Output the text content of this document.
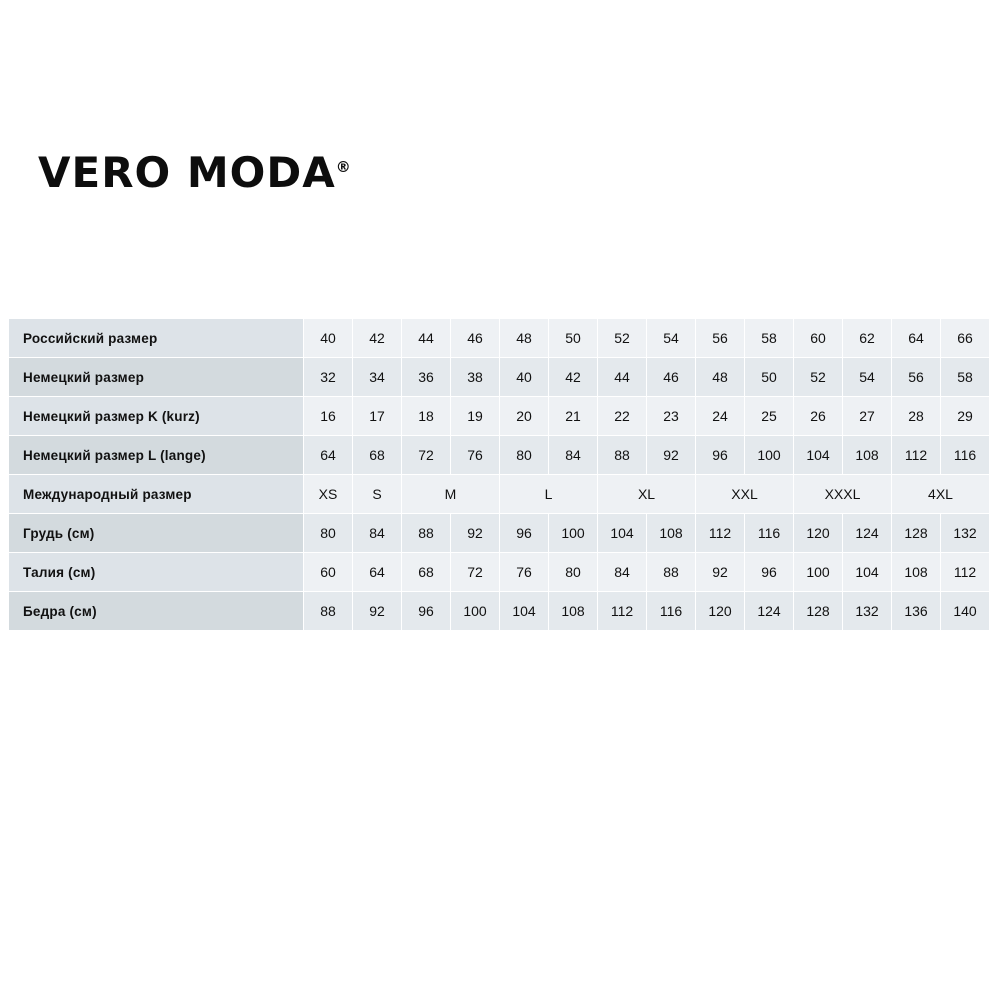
VERO MODA®
Российский размер	40	42	44	46	48	50	52	54	56	58	60	62	64	66
Немецкий размер	32	34	36	38	40	42	44	46	48	50	52	54	56	58
Немецкий размер K (kurz)	16	17	18	19	20	21	22	23	24	25	26	27	28	29
Немецкий размер L (lange)	64	68	72	76	80	84	88	92	96	100	104	108	112	116
Международный размер	XS	S	M		L		XL		XXL		XXXL		4XL	
Грудь (см)	80	84	88	92	96	100	104	108	112	116	120	124	128	132
Талия (см)	60	64	68	72	76	80	84	88	92	96	100	104	108	112
Бедра (см)	88	92	96	100	104	108	112	116	120	124	128	132	136	140
